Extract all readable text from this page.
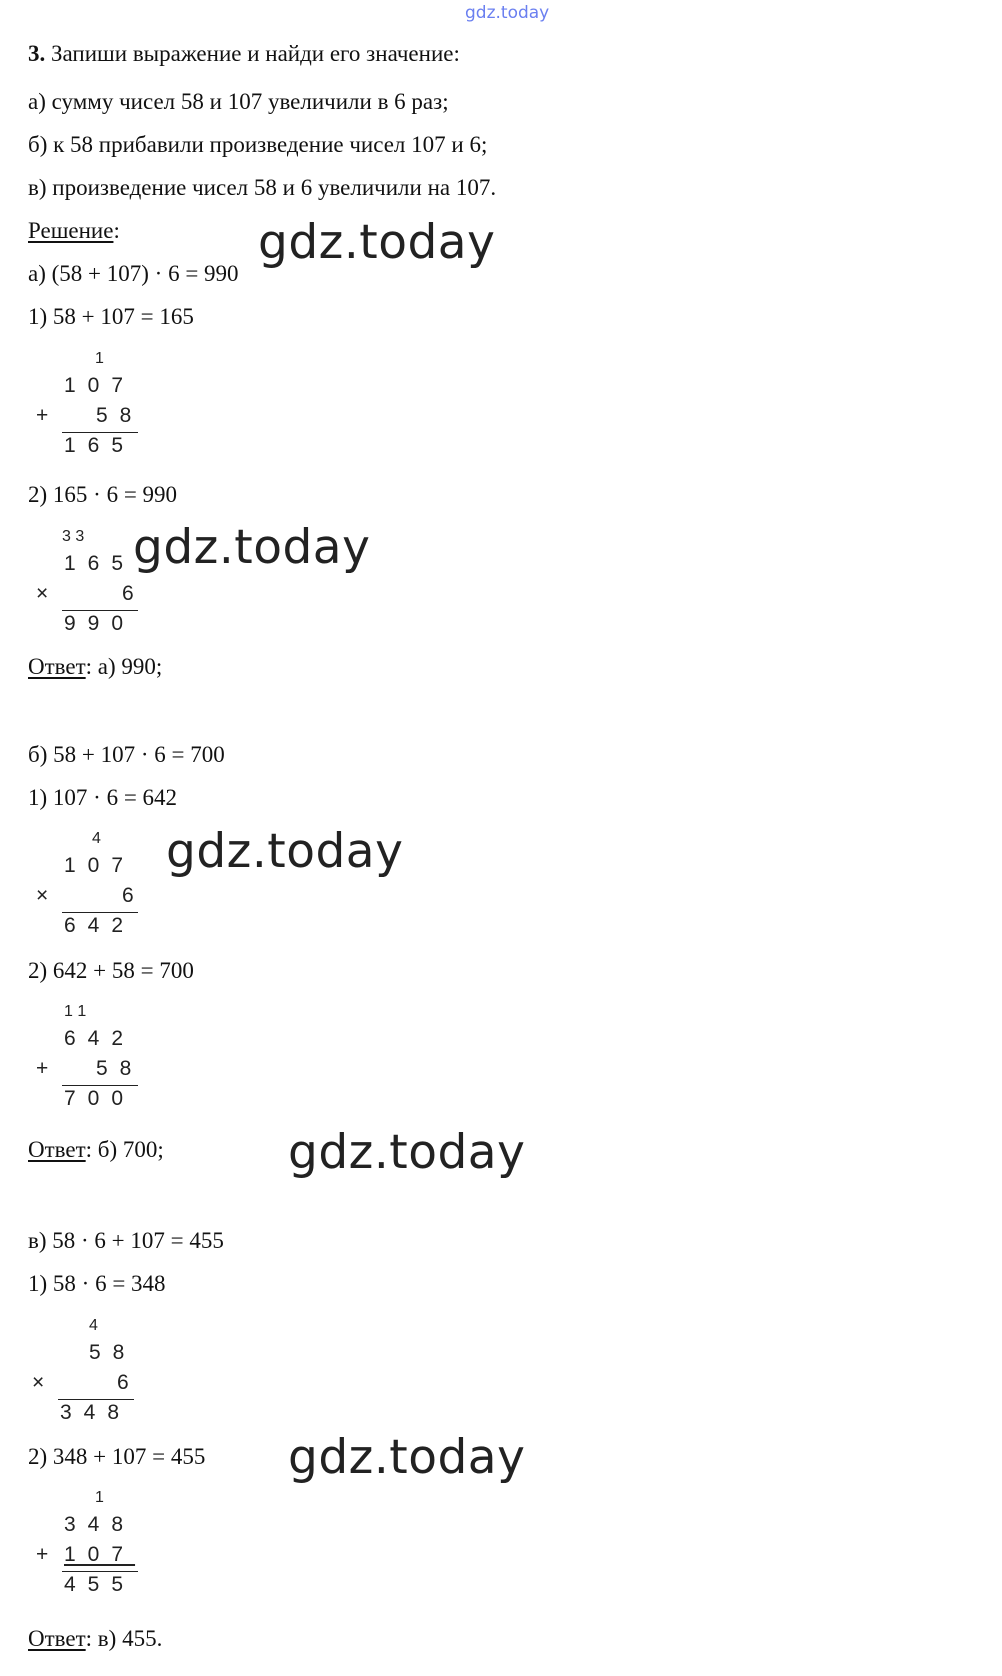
gdz.today
3. Запиши выражение и найди его значение:
а) сумму чисел 58 и 107 увеличили в 6 раз;
б) к 58 прибавили произведение чисел 107 и 6;
в) произведение чисел 58 и 6 увеличили на 107.
Решение:
а) (58 + 107) · 6 = 990
gdz.today
1) 58 + 107 = 165
1
107
+ 58
165
2) 165 · 6 = 990
3 3
165
×	6
990
gdz.today
Ответ: а) 990;
б) 58 + 107 · 6 = 700
1) 107 · 6 = 642
4
107
×	6
642
gdz.today
2) 642 + 58 = 700
1 1
642
+ 58
700
Ответ: б) 700;	gdz.today
в) 58 · 6 + 107 = 455
1) 58 · 6 = 348
4
58
×	6
348
2) 348 + 107 = 455 gdz.today
1
348
+ 107
455
Ответ: в) 455.
